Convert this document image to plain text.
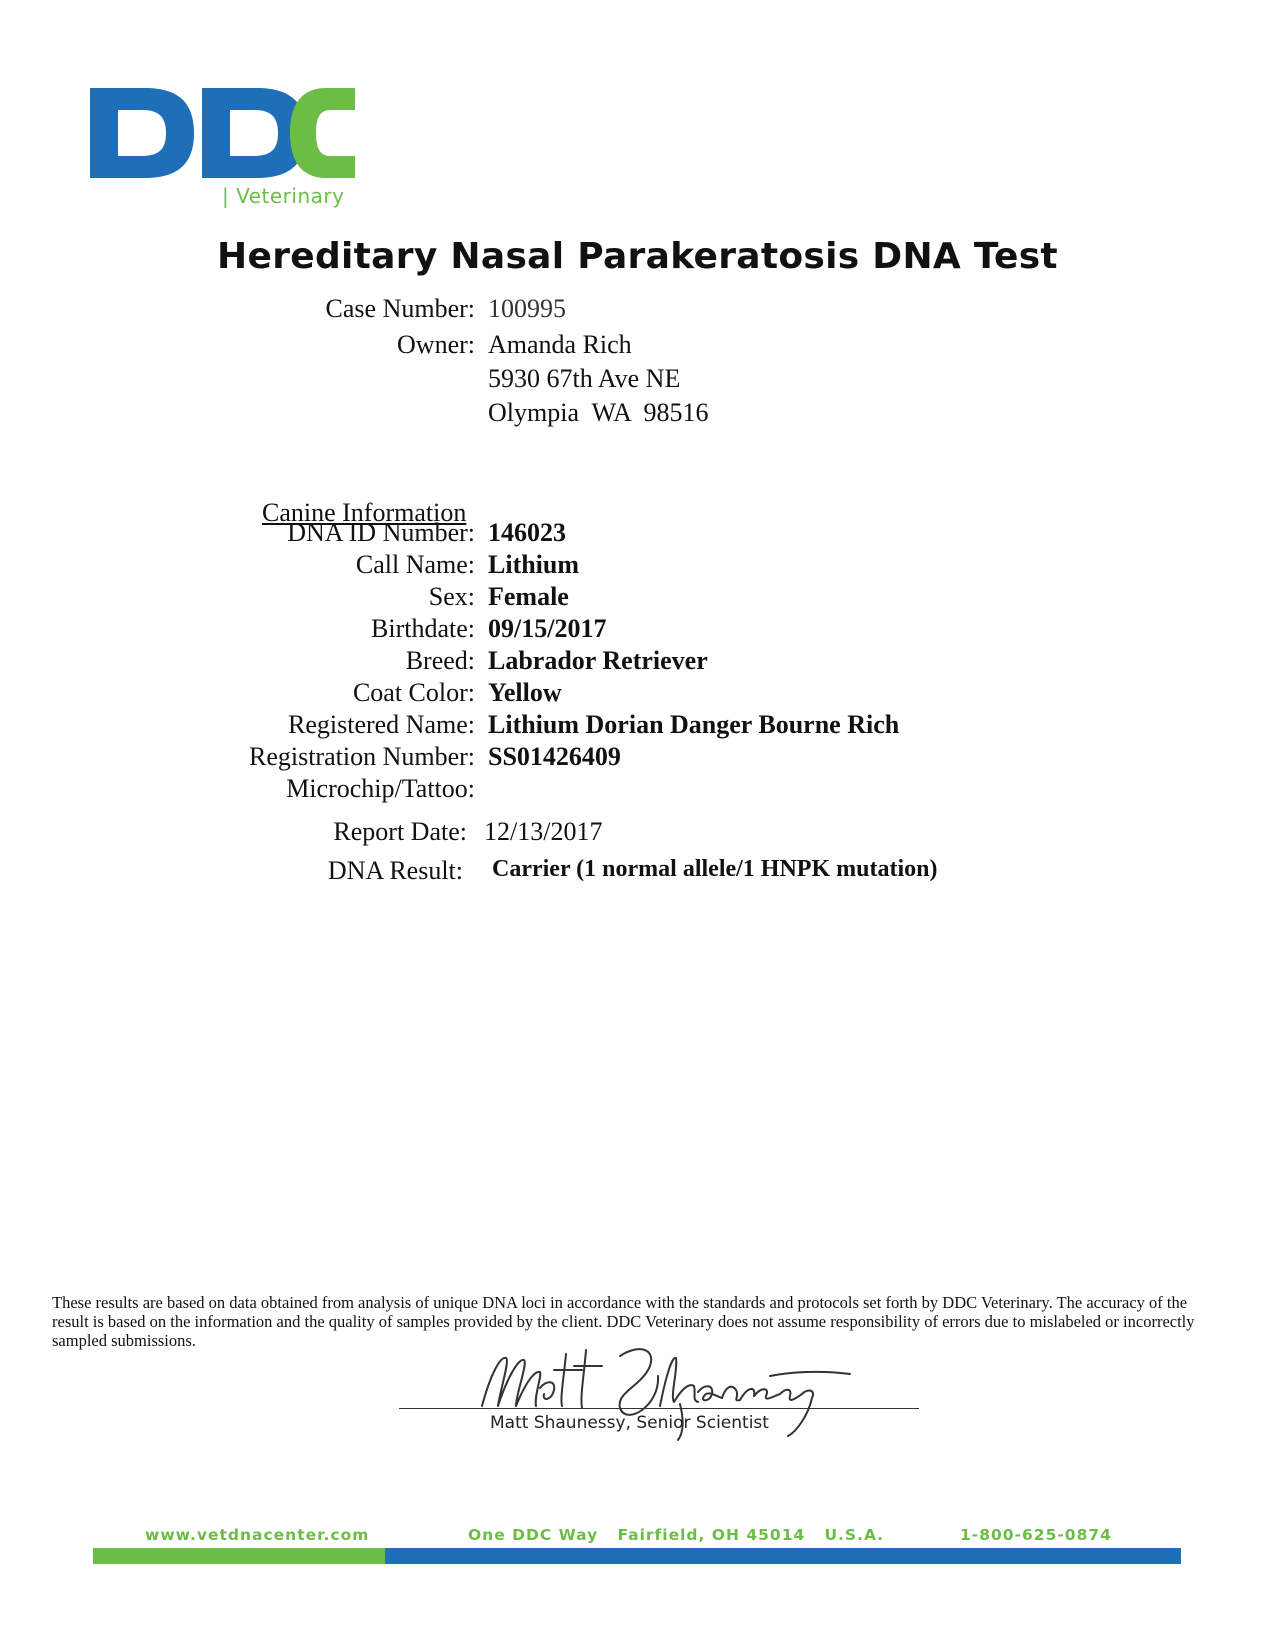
| Veterinary
Hereditary Nasal Parakeratosis DNA Test
Case Number: 100995
Owner: Amanda Rich
5930 67th Ave NE
Olympia  WA  98516
Canine Information
DNA ID Number: 146023
Call Name: Lithium
Sex: Female
Birthdate: 09/15/2017
Breed: Labrador Retriever
Coat Color: Yellow
Registered Name: Lithium Dorian Danger Bourne Rich
Registration Number: SS01426409
Microchip/Tattoo:
Report Date: 12/13/2017
DNA Result: Carrier (1 normal allele/1 HNPK mutation)
These results are based on data obtained from analysis of unique DNA loci in accordance with the standards and protocols set forth by DDC Veterinary. The accuracy of the result is based on the information and the quality of samples provided by the client. DDC Veterinary does not assume responsibility of errors due to mislabeled or incorrectly sampled submissions.
Matt Shaunessy, Senior Scientist
www.vetdnacenter.com	One DDC Way   Fairfield, OH 45014   U.S.A.	1-800-625-0874
